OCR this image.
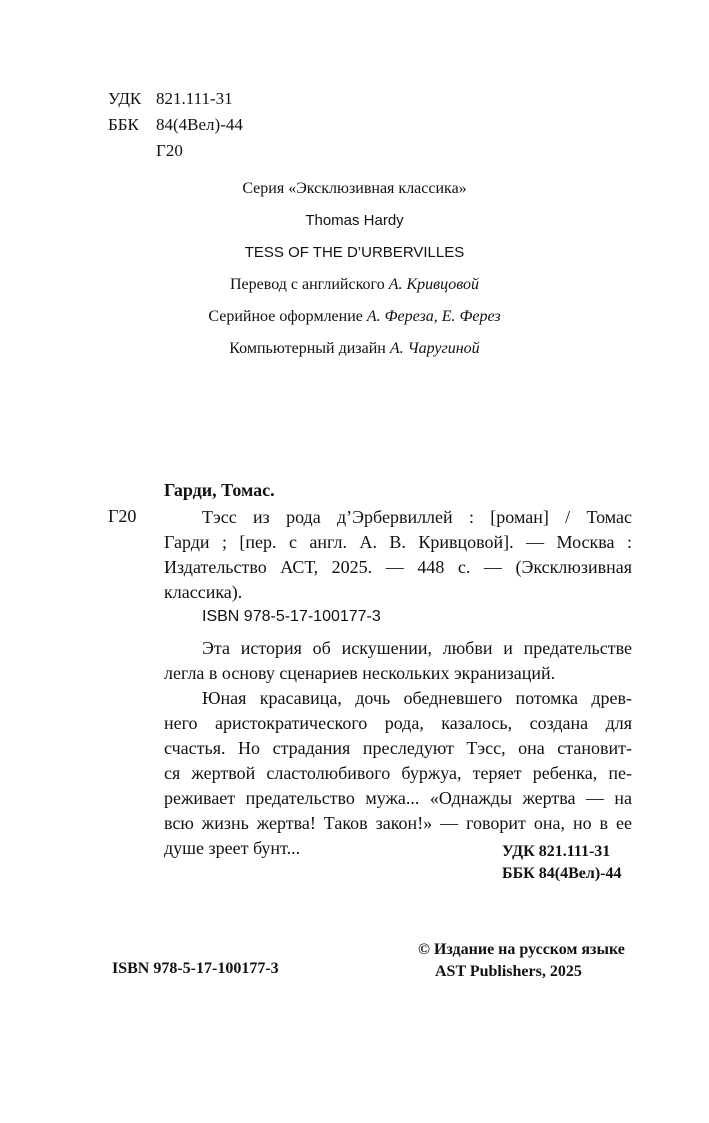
УДК 821.111-31
ББК 84(4Вел)-44
Г20
Серия «Эксклюзивная классика»
Thomas Hardy
TESS OF THE D’URBERVILLES
Перевод с английского А. Кривцовой
Серийное оформление А. Фереза, Е. Ферез
Компьютерный дизайн А. Чаругиной
Гарди, Томас.
Г20	Тэсс из рода д’Эрбервиллей : [роман] / Томас
Гарди ; [пер. с англ. А. В. Кривцовой]. — Москва :
Издательство АСТ, 2025. — 448 с. — (Эксклюзивная
классика).
ISBN 978-5-17-100177-3
Эта история об искушении, любви и предательстве
легла в основу сценариев нескольких экранизаций.
Юная красавица, дочь обедневшего потомка древ-
него аристократического рода, казалось, создана для
счастья. Но страдания преследуют Тэсс, она становит-
ся жертвой сластолюбивого буржуа, теряет ребенка, пе-
реживает предательство мужа... «Однажды жертва — на
всю жизнь жертва! Таков закон!» — говорит она, но в ее
душе зреет бунт...	УДК 821.111-31
ББК 84(4Вел)-44
ISBN 978-5-17-100177-3
© Издание на русском языке
AST Publishers, 2025
